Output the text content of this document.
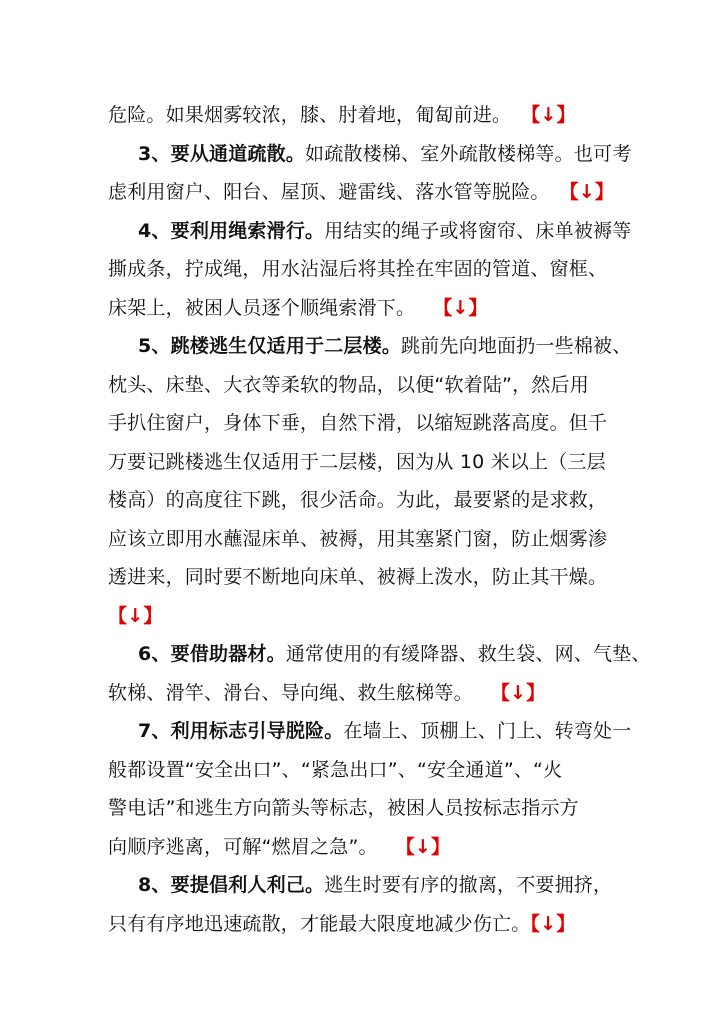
危险。如果烟雾较浓，膝、肘着地，匍匐前进。 【↓】
3、要从通道疏散。如疏散楼梯、室外疏散楼梯等。也可考
虑利用窗户、阳台、屋顶、避雷线、落水管等脱险。 【↓】
4、要利用绳索滑行。用结实的绳子或将窗帘、床单被褥等
撕成条，拧成绳，用水沾湿后将其拴在牢固的管道、窗框、
床架上，被困人员逐个顺绳索滑下。 【↓】
5、跳楼逃生仅适用于二层楼。跳前先向地面扔一些棉被、
枕头、床垫、大衣等柔软的物品，以便“软着陆”，然后用
手扒住窗户，身体下垂，自然下滑，以缩短跳落高度。但千
万要记跳楼逃生仅适用于二层楼，因为从 10 米以上（三层
楼高）的高度往下跳，很少活命。为此，最要紧的是求救，
应该立即用水蘸湿床单、被褥，用其塞紧门窗，防止烟雾渗
透进来，同时要不断地向床单、被褥上泼水，防止其干燥。
【↓】
6、要借助器材。通常使用的有缓降器、救生袋、网、气垫、
软梯、滑竿、滑台、导向绳、救生舷梯等。 【↓】
7、利用标志引导脱险。在墙上、顶棚上、门上、转弯处一
般都设置“安全出口”、“紧急出口”、“安全通道”、“火
警电话”和逃生方向箭头等标志，被困人员按标志指示方
向顺序逃离，可解“燃眉之急”。 【↓】
8、要提倡利人利己。逃生时要有序的撤离，不要拥挤，
只有有序地迅速疏散，才能最大限度地减少伤亡。【↓】
